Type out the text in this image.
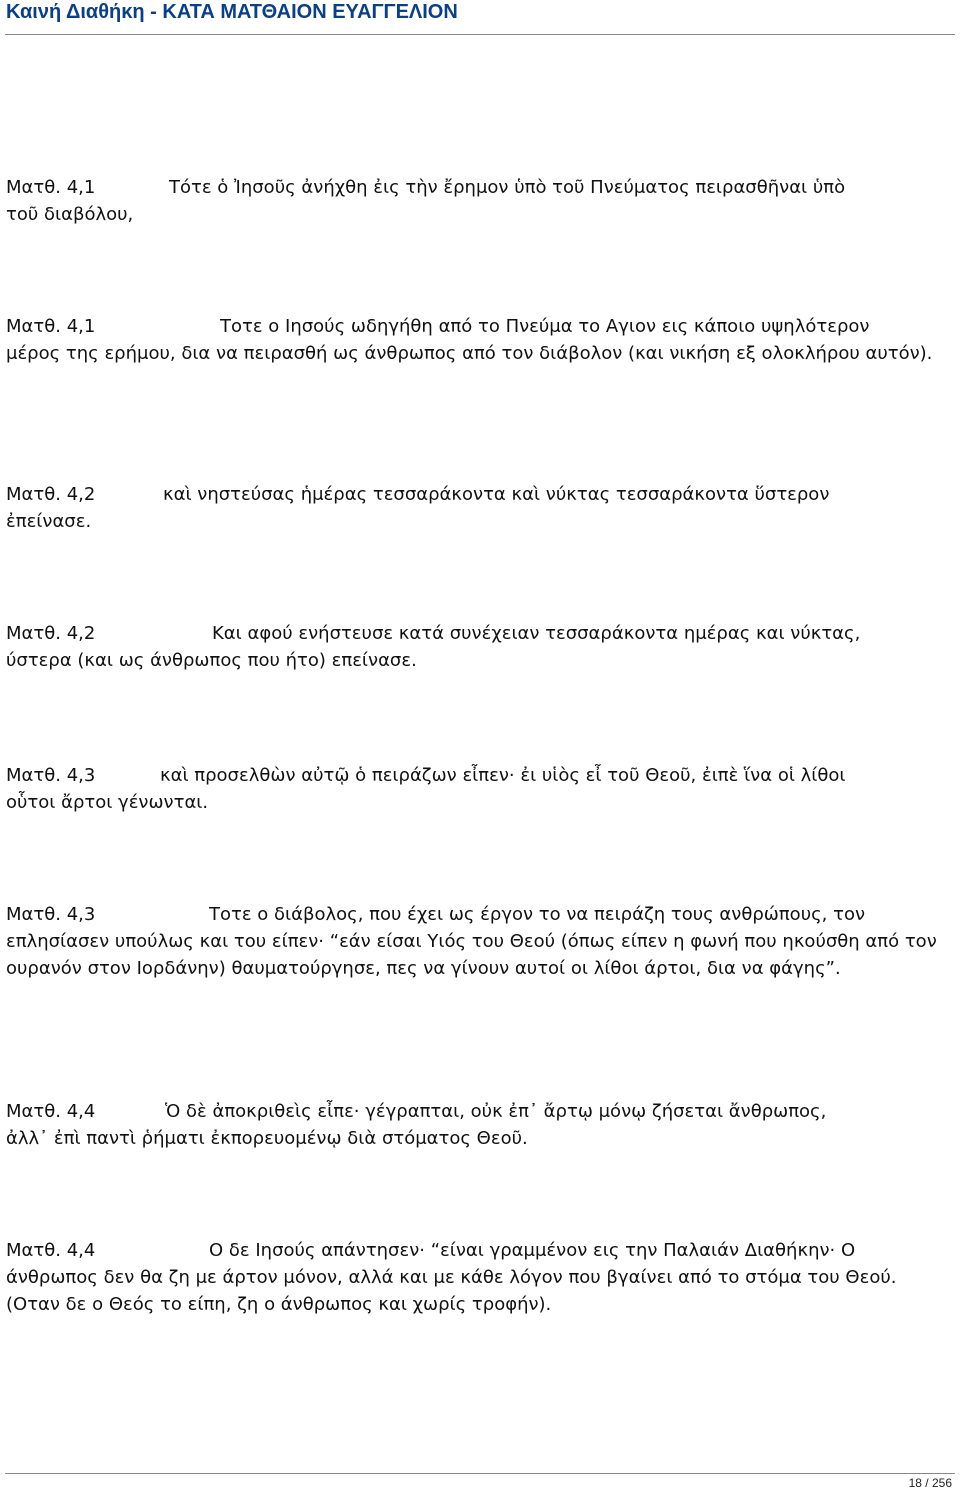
Καινή Διαθήκη - ΚΑΤΑ ΜΑΤΘΑΙΟΝ ΕΥΑΓΓΕΛΙΟΝ
Ματθ. 4,1	Τότε ὁ Ἰησοῦς ἀνήχθη ἐις τὴν ἔρημον ὑπὸ τοῦ Πνεύματος πειρασθῆναι ὑπὸ
τοῦ διαβόλου,
Ματθ. 4,1	Τοτε ο Ιησούς ωδηγήθη από το Πνεύμα το Αγιον εις κάποιο υψηλότερον
μέρος της ερήμου, δια να πειρασθή ως άνθρωπος από τον διάβολον (και νικήση εξ ολοκλήρου αυτόν).
Ματθ. 4,2	καὶ νηστεύσας ἡμέρας τεσσαράκοντα καὶ νύκτας τεσσαράκοντα ὕστερον
ἐπείνασε.
Ματθ. 4,2	Και αφού ενήστευσε κατά συνέχειαν τεσσαράκοντα ημέρας και νύκτας,
ύστερα (και ως άνθρωπος που ήτο) επείνασε.
Ματθ. 4,3	καὶ προσελθὼν αὐτῷ ὁ πειράζων εἶπεν· ἐι υἱὸς εἶ τοῦ Θεοῦ, ἐιπὲ ἵνα οἱ λίθοι
οὗτοι ἄρτοι γένωνται.
Ματθ. 4,3	Τοτε ο διάβολος, που έχει ως έργον το να πειράζη τους ανθρώπους, τον
επλησίασεν υπούλως και του είπεν· “εάν είσαι Υιός του Θεού (όπως είπεν η φωνή που ηκούσθη από τον ουρανόν στον Ιορδάνην) θαυματούργησε, πες να γίνουν αυτοί οι λίθοι άρτοι, δια να φάγης”.
Ματθ. 4,4	Ὁ δὲ ἀποκριθεὶς εἶπε· γέγραπται, οὐκ ἐπ᾿ ἄρτῳ μόνῳ ζήσεται ἄνθρωπος,
ἀλλ᾿ ἐπὶ παντὶ ῥήματι ἐκπορευομένῳ διὰ στόματος Θεοῦ.
Ματθ. 4,4	Ο δε Ιησούς απάντησεν· “είναι γραμμένον εις την Παλαιάν Διαθήκην· Ο
άνθρωπος δεν θα ζη με άρτον μόνον, αλλά και με κάθε λόγον που βγαίνει από το στόμα του Θεού. (Οταν δε ο Θεός το είπη, ζη ο άνθρωπος και χωρίς τροφήν).
18 / 256
